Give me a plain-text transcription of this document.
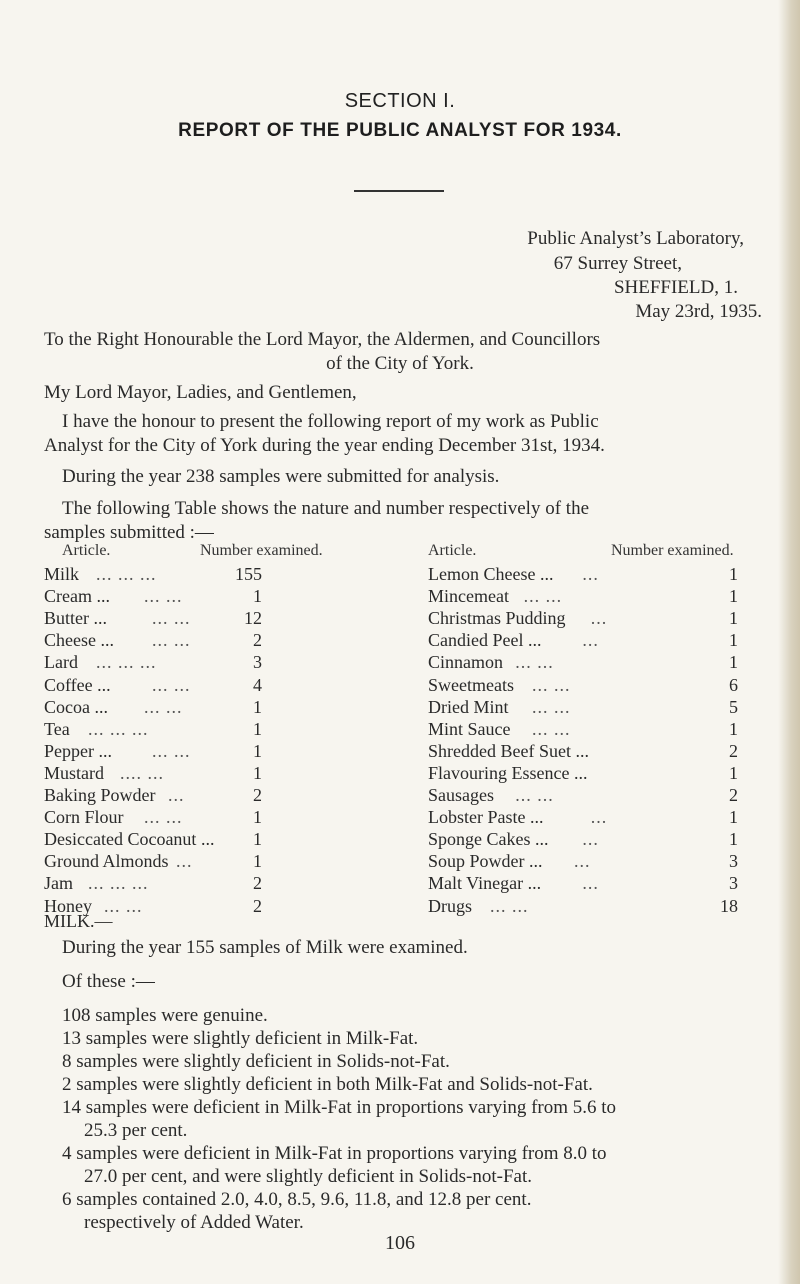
SECTION I.
REPORT OF THE PUBLIC ANALYST FOR 1934.
Public Analyst’s Laboratory,
67 Surrey Street,
SHEFFIELD, 1.
May 23rd, 1935.
To the Right Honourable the Lord Mayor, the Aldermen, and Councillors
of the City of York.
My Lord Mayor, Ladies, and Gentlemen,
I have the honour to present the following report of my work as Public
Analyst for the City of York during the year ending December 31st, 1934.
During the year 238 samples were submitted for analysis.
The following Table shows the nature and number respectively of the
samples submitted :—
Article.	Number examined.	Article.	Number examined.
Milk ... ... ...	155
Cream ... ... ...	1
Butter ...	... ...	12
Cheese ... ... ...	2
Lard ... ... ...	3
Coffee ... ... ...	4
Cocoa ... ... ...	1
Tea ... ... ...	1
Pepper ... ... ...	1
Mustard .... ...	1
Baking Powder ...	2
Corn Flour ... ...	1
Desiccated Cocoanut ... 1
Ground Almonds ...	1
Jam ... ... ...	2
Honey ... ...	2
Lemon Cheese ... ...	1
Mincemeat ... ...	1
Christmas Pudding ...	1
Candied Peel ... ...	1
Cinnamon ... ...	1
Sweetmeats ... ...	6
Dried Mint ... ...	5
Mint Sauce ... ...	1
Shredded Beef Suet ...	2
Flavouring Essence ...	1
Sausages ... ...	2
Lobster Paste ...	...	1
Sponge Cakes ... ...	1
Soup Powder ... ...	3
Malt Vinegar ... ...	3
Drugs ... ...	18
MILK.—
During the year 155 samples of Milk were examined.
Of these :—
108 samples were genuine.
13 samples were slightly deficient in Milk-Fat.
8 samples were slightly deficient in Solids-not-Fat.
2 samples were slightly deficient in both Milk-Fat and Solids-not-Fat.
14 samples were deficient in Milk-Fat in proportions varying from 5.6 to
25.3 per cent.
4 samples were deficient in Milk-Fat in proportions varying from 8.0 to
27.0 per cent, and were slightly deficient in Solids-not-Fat.
6 samples contained 2.0, 4.0, 8.5, 9.6, 11.8, and 12.8 per cent.
respectively of Added Water.
106
